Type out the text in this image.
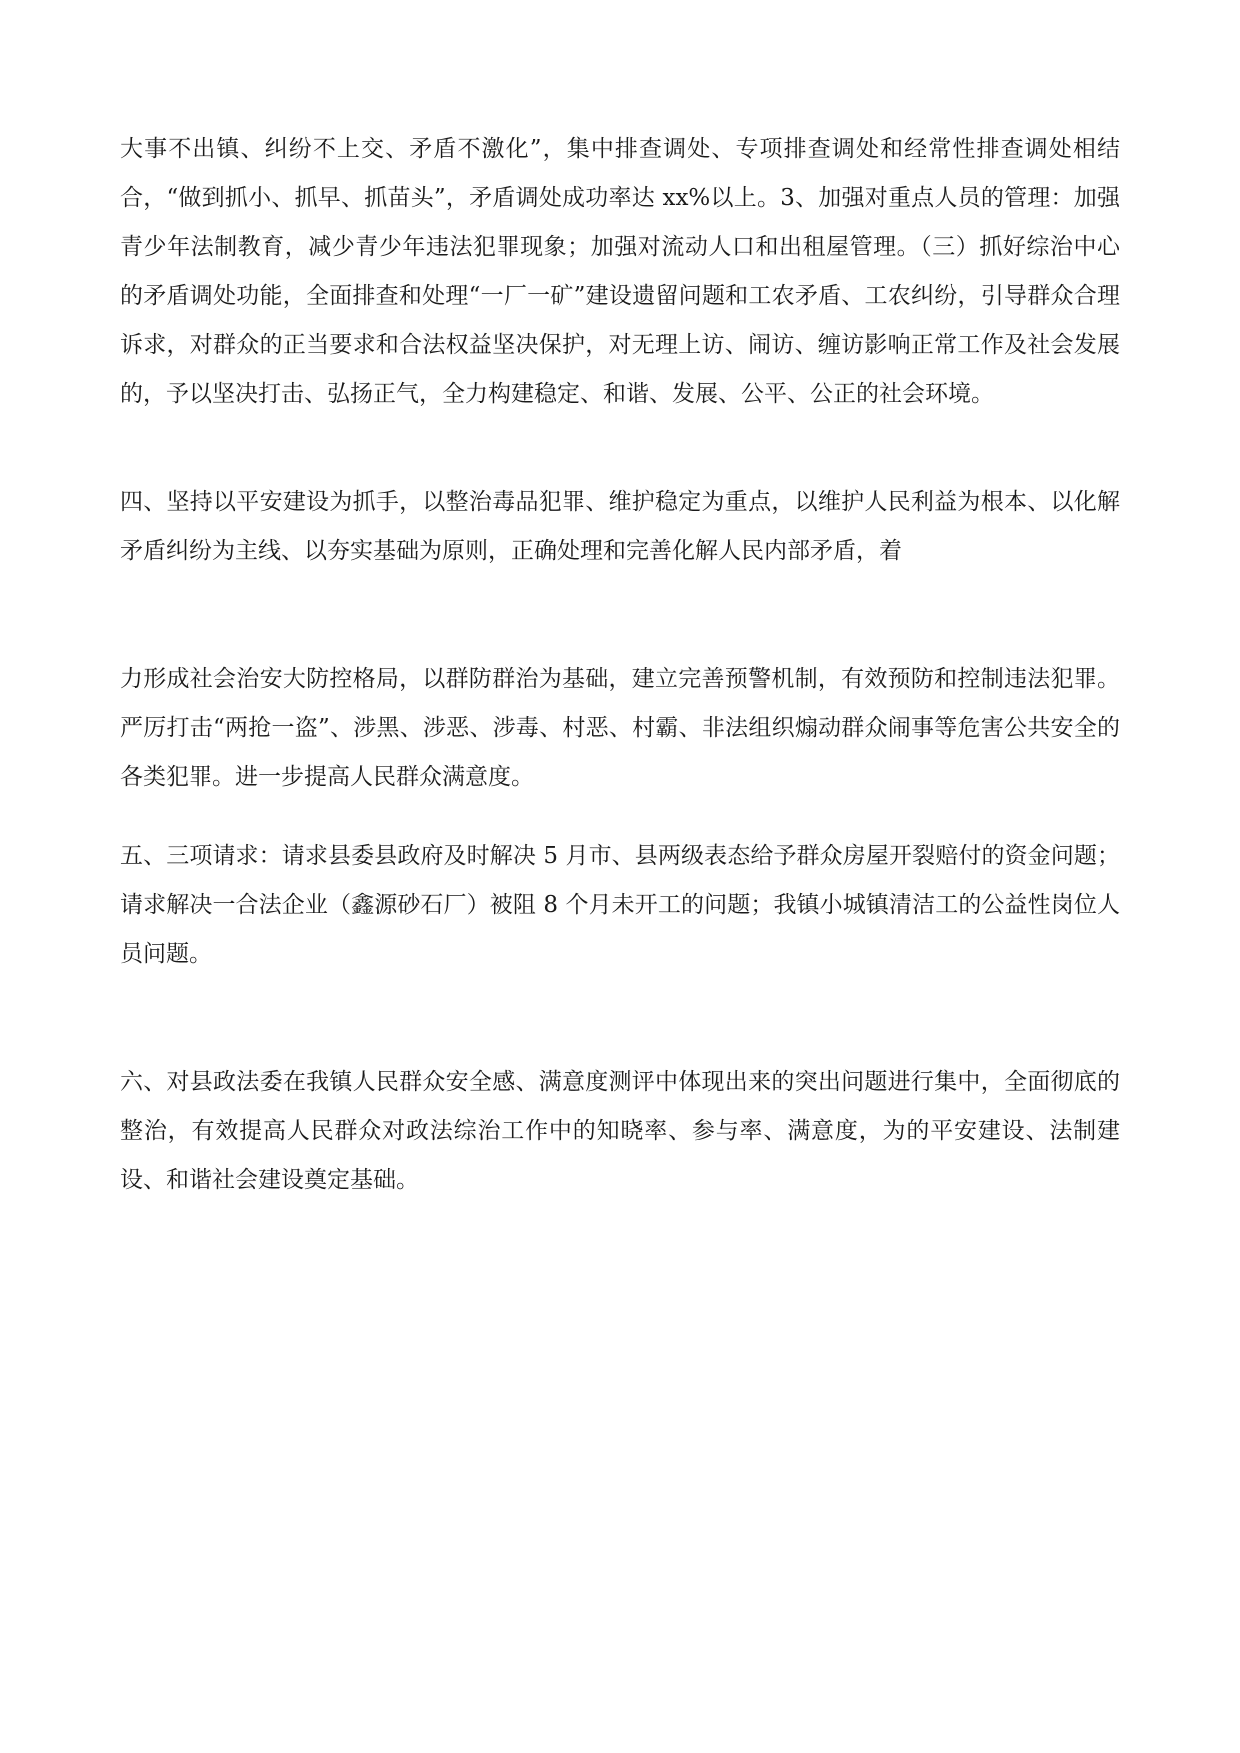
大事不出镇、纠纷不上交、矛盾不激化”，集中排查调处、专项排查调处和经常性排查调处相结合，“做到抓小、抓早、抓苗头”，矛盾调处成功率达 xx%以上。3、加强对重点人员的管理：加强青少年法制教育，减少青少年违法犯罪现象；加强对流动人口和出租屋管理。（三）抓好综治中心的矛盾调处功能，全面排查和处理“一厂一矿”建设遗留问题和工农矛盾、工农纠纷，引导群众合理诉求，对群众的正当要求和合法权益坚决保护，对无理上访、闹访、缠访影响正常工作及社会发展的，予以坚决打击、弘扬正气，全力构建稳定、和谐、发展、公平、公正的社会环境。

四、坚持以平安建设为抓手，以整治毒品犯罪、维护稳定为重点，以维护人民利益为根本、以化解矛盾纠纷为主线、以夯实基础为原则，正确处理和完善化解人民内部矛盾，着

力形成社会治安大防控格局，以群防群治为基础，建立完善预警机制，有效预防和控制违法犯罪。严厉打击“两抢一盗”、涉黑、涉恶、涉毒、村恶、村霸、非法组织煽动群众闹事等危害公共安全的各类犯罪。进一步提高人民群众满意度。

五、三项请求：请求县委县政府及时解决 5 月市、县两级表态给予群众房屋开裂赔付的资金问题；请求解决一合法企业（鑫源砂石厂）被阻 8 个月未开工的问题；我镇小城镇清洁工的公益性岗位人员问题。

六、对县政法委在我镇人民群众安全感、满意度测评中体现出来的突出问题进行集中，全面彻底的整治，有效提高人民群众对政法综治工作中的知晓率、参与率、满意度，为的平安建设、法制建设、和谐社会建设奠定基础。
